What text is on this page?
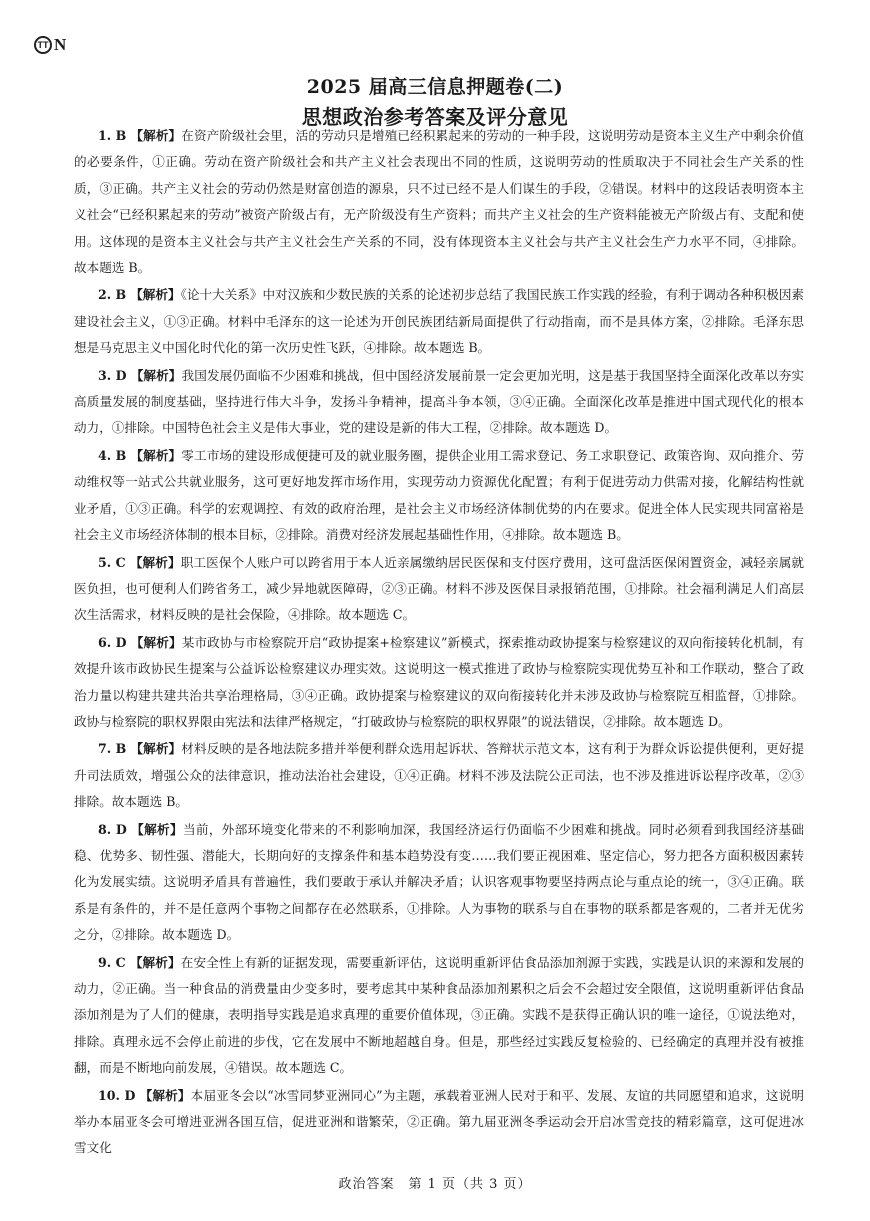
TT N
2025 届高三信息押题卷(二)
思想政治参考答案及评分意见

1. B 【解析】在资产阶级社会里，活的劳动只是增殖已经积累起来的劳动的一种手段，这说明劳动是资本主义生产中剩余价值的必要条件，①正确。劳动在资产阶级社会和共产主义社会表现出不同的性质，这说明劳动的性质取决于不同社会生产关系的性质，③正确。共产主义社会的劳动仍然是财富创造的源泉，只不过已经不是人们谋生的手段，②错误。材料中的这段话表明资本主义社会“已经积累起来的劳动”被资产阶级占有，无产阶级没有生产资料；而共产主义社会的生产资料能被无产阶级占有、支配和使用。这体现的是资本主义社会与共产主义社会生产关系的不同，没有体现资本主义社会与共产主义社会生产力水平不同，④排除。故本题选 B。

2. B 【解析】《论十大关系》中对汉族和少数民族的关系的论述初步总结了我国民族工作实践的经验，有利于调动各种积极因素建设社会主义，①③正确。材料中毛泽东的这一论述为开创民族团结新局面提供了行动指南，而不是具体方案，②排除。毛泽东思想是马克思主义中国化时代化的第一次历史性飞跃，④排除。故本题选 B。

3. D 【解析】我国发展仍面临不少困难和挑战，但中国经济发展前景一定会更加光明，这是基于我国坚持全面深化改革以夯实高质量发展的制度基础，坚持进行伟大斗争，发扬斗争精神，提高斗争本领，③④正确。全面深化改革是推进中国式现代化的根本动力，①排除。中国特色社会主义是伟大事业，党的建设是新的伟大工程，②排除。故本题选 D。

4. B 【解析】零工市场的建设形成便捷可及的就业服务圈，提供企业用工需求登记、务工求职登记、政策咨询、双向推介、劳动维权等一站式公共就业服务，这可更好地发挥市场作用，实现劳动力资源优化配置；有利于促进劳动力供需对接，化解结构性就业矛盾，①③正确。科学的宏观调控、有效的政府治理，是社会主义市场经济体制优势的内在要求。促进全体人民实现共同富裕是社会主义市场经济体制的根本目标，②排除。消费对经济发展起基础性作用，④排除。故本题选 B。

5. C 【解析】职工医保个人账户可以跨省用于本人近亲属缴纳居民医保和支付医疗费用，这可盘活医保闲置资金，减轻亲属就医负担，也可便利人们跨省务工，减少异地就医障碍，②③正确。材料不涉及医保目录报销范围，①排除。社会福利满足人们高层次生活需求，材料反映的是社会保险，④排除。故本题选 C。

6. D 【解析】某市政协与市检察院开启“政协提案+检察建议”新模式，探索推动政协提案与检察建议的双向衔接转化机制，有效提升该市政协民生提案与公益诉讼检察建议办理实效。这说明这一模式推进了政协与检察院实现优势互补和工作联动，整合了政治力量以构建共建共治共享治理格局，③④正确。政协提案与检察建议的双向衔接转化并未涉及政协与检察院互相监督，①排除。政协与检察院的职权界限由宪法和法律严格规定，“打破政协与检察院的职权界限”的说法错误，②排除。故本题选 D。

7. B 【解析】材料反映的是各地法院多措并举便利群众选用起诉状、答辩状示范文本，这有利于为群众诉讼提供便利，更好提升司法质效，增强公众的法律意识，推动法治社会建设，①④正确。材料不涉及法院公正司法，也不涉及推进诉讼程序改革，②③排除。故本题选 B。

8. D 【解析】当前，外部环境变化带来的不利影响加深，我国经济运行仍面临不少困难和挑战。同时必须看到我国经济基础稳、优势多、韧性强、潜能大，长期向好的支撑条件和基本趋势没有变……我们要正视困难、坚定信心，努力把各方面积极因素转化为发展实绩。这说明矛盾具有普遍性，我们要敢于承认并解决矛盾；认识客观事物要坚持两点论与重点论的统一，③④正确。联系是有条件的，并不是任意两个事物之间都存在必然联系，①排除。人为事物的联系与自在事物的联系都是客观的，二者并无优劣之分，②排除。故本题选 D。

9. C 【解析】在安全性上有新的证据发现，需要重新评估，这说明重新评估食品添加剂源于实践，实践是认识的来源和发展的动力，②正确。当一种食品的消费量由少变多时，要考虑其中某种食品添加剂累积之后会不会超过安全限值，这说明重新评估食品添加剂是为了人们的健康，表明指导实践是追求真理的重要价值体现，③正确。实践不是获得正确认识的唯一途径，①说法绝对，排除。真理永远不会停止前进的步伐，它在发展中不断地超越自身。但是，那些经过实践反复检验的、已经确定的真理并没有被推翻，而是不断地向前发展，④错误。故本题选 C。

10. D 【解析】本届亚冬会以“冰雪同梦亚洲同心”为主题，承载着亚洲人民对于和平、发展、友谊的共同愿望和追求，这说明举办本届亚冬会可增进亚洲各国互信，促进亚洲和谐繁荣，②正确。第九届亚洲冬季运动会开启冰雪竞技的精彩篇章，这可促进冰雪文化

政治答案　第 1 页（共 3 页）
